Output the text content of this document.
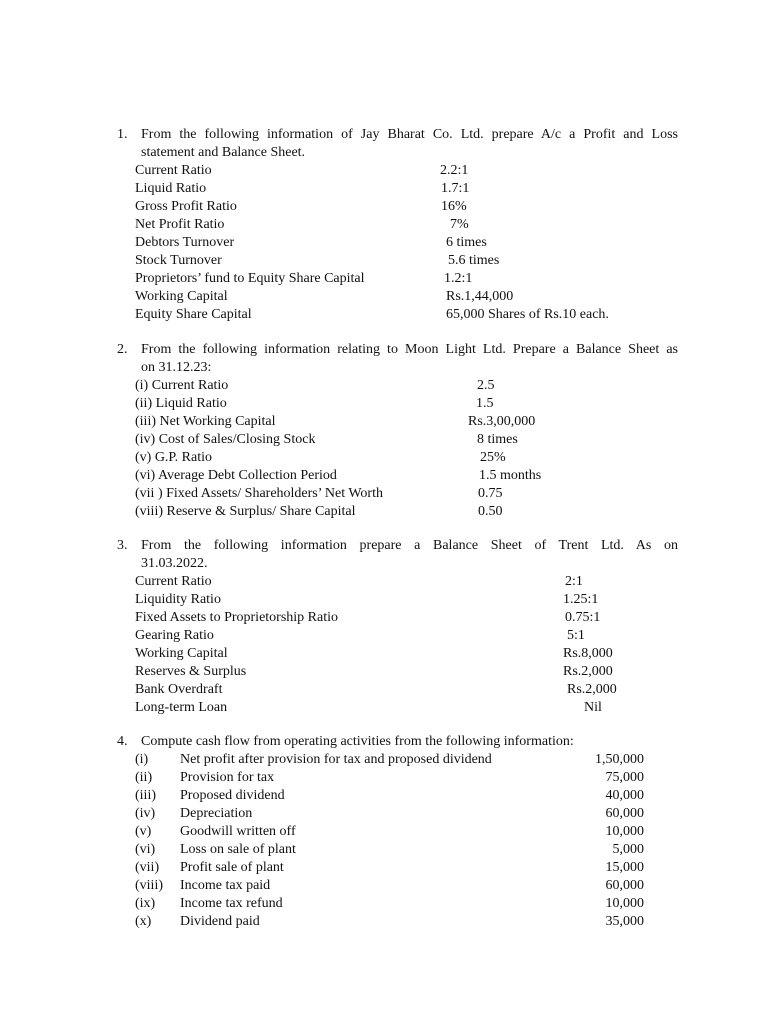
1. From the following information of Jay Bharat Co. Ltd. prepare A/c a Profit and Loss
statement and Balance Sheet.
Current Ratio	2.2:1
Liquid Ratio	1.7:1
Gross Profit Ratio	16%
Net Profit Ratio	7%
Debtors Turnover	6 times
Stock Turnover	5.6 times
Proprietors’ fund to Equity Share Capital	1.2:1
Working Capital	Rs.1,44,000
Equity Share Capital	65,000 Shares of Rs.10 each.
2. From the following information relating to Moon Light Ltd. Prepare a Balance Sheet as
on 31.12.23:
(i) Current Ratio	2.5
(ii) Liquid Ratio	1.5
(iii) Net Working Capital	Rs.3,00,000
(iv) Cost of Sales/Closing Stock	8 times
(v) G.P. Ratio	25%
(vi) Average Debt Collection Period	1.5 months
(vii ) Fixed Assets/ Shareholders’ Net Worth	0.75
(viii) Reserve & Surplus/ Share Capital	0.50
3. From the following information prepare a Balance Sheet of Trent Ltd. As on
31.03.2022.
Current Ratio	2:1
Liquidity Ratio	1.25:1
Fixed Assets to Proprietorship Ratio	0.75:1
Gearing Ratio	5:1
Working Capital	Rs.8,000
Reserves & Surplus	Rs.2,000
Bank Overdraft	Rs.2,000
Long-term Loan	Nil
4. Compute cash flow from operating activities from the following information:
(i) Net profit after provision for tax and proposed dividend	1,50,000
(ii) Provision for tax	75,000
(iii) Proposed dividend	40,000
(iv) Depreciation	60,000
(v) Goodwill written off	10,000
(vi) Loss on sale of plant	5,000
(vii) Profit sale of plant	15,000
(viii) Income tax paid	60,000
(ix) Income tax refund	10,000
(x) Dividend paid	35,000
